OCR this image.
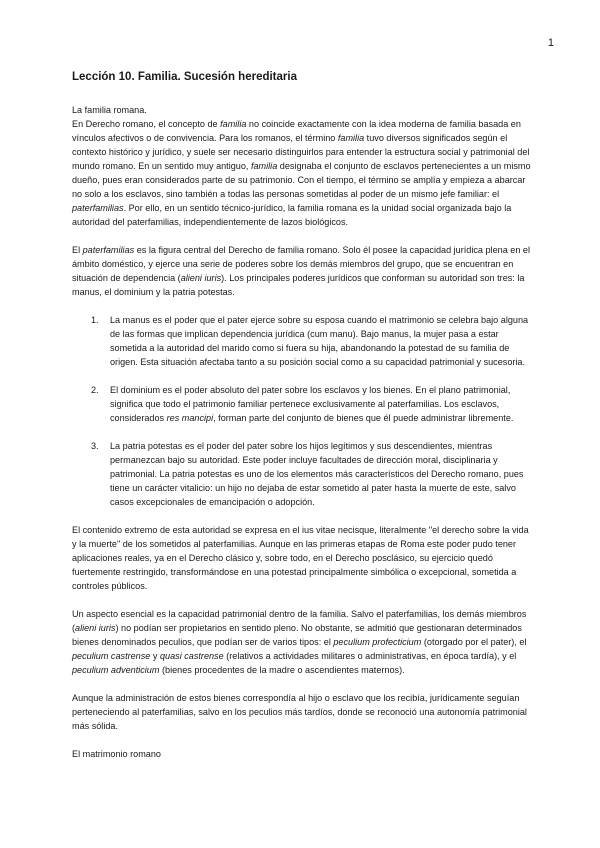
1
Lección 10. Familia. Sucesión hereditaria
La familia romana.

En Derecho romano, el concepto de familia no coincide exactamente con la idea moderna de familia basada en vínculos afectivos o de convivencia. Para los romanos, el término familia tuvo diversos significados según el contexto histórico y jurídico, y suele ser necesario distinguirlos para entender la estructura social y patrimonial del mundo romano. En un sentido muy antiguo, familia designaba el conjunto de esclavos pertenecientes a un mismo dueño, pues eran considerados parte de su patrimonio. Con el tiempo, el término se amplía y empieza a abarcar no solo a los esclavos, sino también a todas las personas sometidas al poder de un mismo jefe familiar: el paterfamilias. Por ello, en un sentido técnico-jurídico, la familia romana es la unidad social organizada bajo la autoridad del paterfamilias, independientemente de lazos biológicos.

El paterfamilias es la figura central del Derecho de familia romano. Solo él posee la capacidad jurídica plena en el ámbito doméstico, y ejerce una serie de poderes sobre los demás miembros del grupo, que se encuentran en situación de dependencia (alieni iuris). Los principales poderes jurídicos que conforman su autoridad son tres: la manus, el dominium y la patria potestas.

1. La manus es el poder que el pater ejerce sobre su esposa cuando el matrimonio se celebra bajo alguna de las formas que implican dependencia jurídica (cum manu). Bajo manus, la mujer pasa a estar sometida a la autoridad del marido como si fuera su hija, abandonando la potestad de su familia de origen. Esta situación afectaba tanto a su posición social como a su capacidad patrimonial y sucesoria.
2. El dominium es el poder absoluto del pater sobre los esclavos y los bienes. En el plano patrimonial, significa que todo el patrimonio familiar pertenece exclusivamente al paterfamilias. Los esclavos, considerados res mancipi, forman parte del conjunto de bienes que él puede administrar libremente.
3. La patria potestas es el poder del pater sobre los hijos legítimos y sus descendientes, mientras permanezcan bajo su autoridad. Este poder incluye facultades de dirección moral, disciplinaria y patrimonial. La patria potestas es uno de los elementos más característicos del Derecho romano, pues tiene un carácter vitalicio: un hijo no dejaba de estar sometido al pater hasta la muerte de este, salvo casos excepcionales de emancipación o adopción.

El contenido extremo de esta autoridad se expresa en el ius vitae necisque, literalmente "el derecho sobre la vida y la muerte" de los sometidos al paterfamilias. Aunque en las primeras etapas de Roma este poder pudo tener aplicaciones reales, ya en el Derecho clásico y, sobre todo, en el Derecho posclásico, su ejercicio quedó fuertemente restringido, transformándose en una potestad principalmente simbólica o excepcional, sometida a controles públicos.

Un aspecto esencial es la capacidad patrimonial dentro de la familia. Salvo el paterfamilias, los demás miembros (alieni iuris) no podían ser propietarios en sentido pleno. No obstante, se admitió que gestionaran determinados bienes denominados peculios, que podían ser de varios tipos: el peculium profecticium (otorgado por el pater), el peculium castrense y quasi castrense (relativos a actividades militares o administrativas, en época tardía), y el peculium adventicium (bienes procedentes de la madre o ascendientes maternos).

Aunque la administración de estos bienes correspondía al hijo o esclavo que los recibía, jurídicamente seguían perteneciendo al paterfamilias, salvo en los peculios más tardíos, donde se reconoció una autonomía patrimonial más sólida.

El matrimonio romano
